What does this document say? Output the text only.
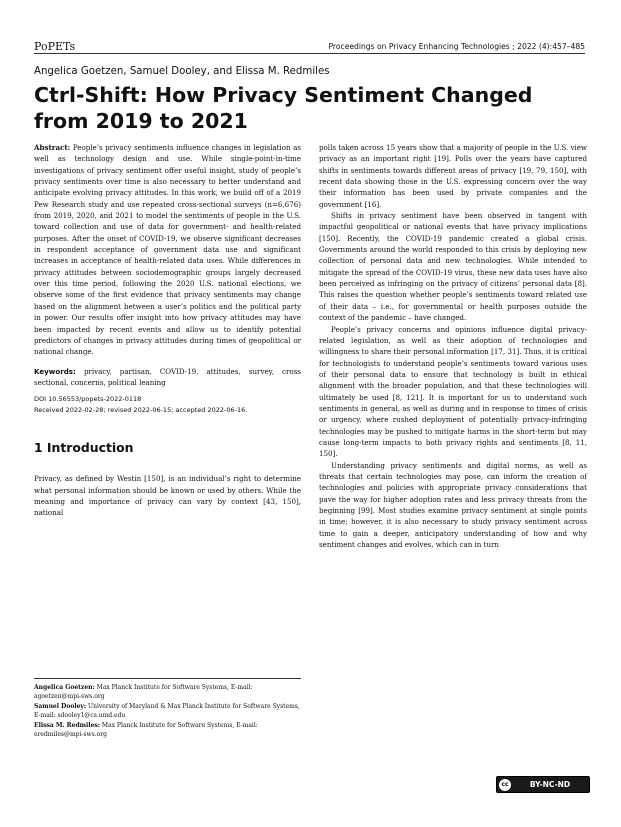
PoPETs	Proceedings on Privacy Enhancing Technologies ; 2022 (4):457–485
Angelica Goetzen, Samuel Dooley, and Elissa M. Redmiles
Ctrl-Shift: How Privacy Sentiment Changed from 2019 to 2021

Abstract: People’s privacy sentiments influence changes in legislation as well as technology design and use. While single-point-in-time investigations of privacy sentiment offer useful insight, study of people’s privacy sentiments over time is also necessary to better understand and anticipate evolving privacy attitudes. In this work, we build off of a 2019 Pew Research study and use repeated cross-sectional surveys (n=6,676) from 2019, 2020, and 2021 to model the sentiments of people in the U.S. toward collection and use of data for government- and health-related purposes. After the onset of COVID-19, we observe significant decreases in respondent acceptance of government data use and significant increases in acceptance of health-related data uses. While differences in privacy attitudes between sociodemographic groups largely decreased over this time period, following the 2020 U.S. national elections, we observe some of the first evidence that privacy sentiments may change based on the alignment between a user’s politics and the political party in power. Our results offer insight into how privacy attitudes may have been impacted by recent events and allow us to identify potential predictors of changes in privacy attitudes during times of geopolitical or national change.

Keywords: privacy, partisan, COVID-19, attitudes, survey, cross sectional, concerns, political leaning

DOI 10.56553/popets-2022-0118

Received 2022-02-28; revised 2022-06-15; accepted 2022-06-16.

1 Introduction

Privacy, as defined by Westin [150], is an individual’s right to determine what personal information should be known or used by others. While the meaning and importance of privacy can vary by context [43, 150], national

polls taken across 15 years show that a majority of people in the U.S. view privacy as an important right [19]. Polls over the years have captured shifts in sentiments towards different areas of privacy [19, 79, 150], with recent data showing those in the U.S. expressing concern over the way their information has been used by private companies and the government [16].

Shifts in privacy sentiment have been observed in tangent with impactful geopolitical or national events that have privacy implications [150]. Recently, the COVID-19 pandemic created a global crisis. Governments around the world responded to this crisis by deploying new collection of personal data and new technologies. While intended to mitigate the spread of the COVID-19 virus, these new data uses have also been perceived as infringing on the privacy of citizens’ personal data [8]. This raises the question whether people’s sentiments toward related use of their data – i.e., for governmental or health purposes outside the context of the pandemic – have changed.

People’s privacy concerns and opinions influence digital privacy-related legislation, as well as their adoption of technologies and willingness to share their personal information [17, 31]. Thus, it is critical for technologists to understand people’s sentiments toward various uses of their personal data to ensure that technology is built in ethical alignment with the broader population, and that these technologies will ultimately be used [8, 121]. It is important for us to understand such sentiments in general, as well as during and in response to times of crisis or urgency, where rushed deployment of potentially privacy-infringing technologies may be pushed to mitigate harms in the short-term but may cause long-term impacts to both privacy rights and sentiments [8, 11, 150].

Understanding privacy sentiments and digital norms, as well as threats that certain technologies may pose, can inform the creation of technologies and policies with appropriate privacy considerations that pave the way for higher adoption rates and less privacy threats from the beginning [99]. Most studies examine privacy sentiment at single points in time; however, it is also necessary to study privacy sentiment across time to gain a deeper, anticipatory understanding of how and why sentiment changes and evolves, which can in turn

Angelica Goetzen: Max Planck Institute for Software Systems, E-mail: agoetzen@mpi-sws.org

Samuel Dooley: University of Maryland & Max Planck Institute for Software Systems, E-mail: sdooley1@cs.umd.edu

Elissa M. Redmiles: Max Planck Institute for Software Systems, E-mail: eredmiles@mpi-sws.org

cc	BY-NC-ND
